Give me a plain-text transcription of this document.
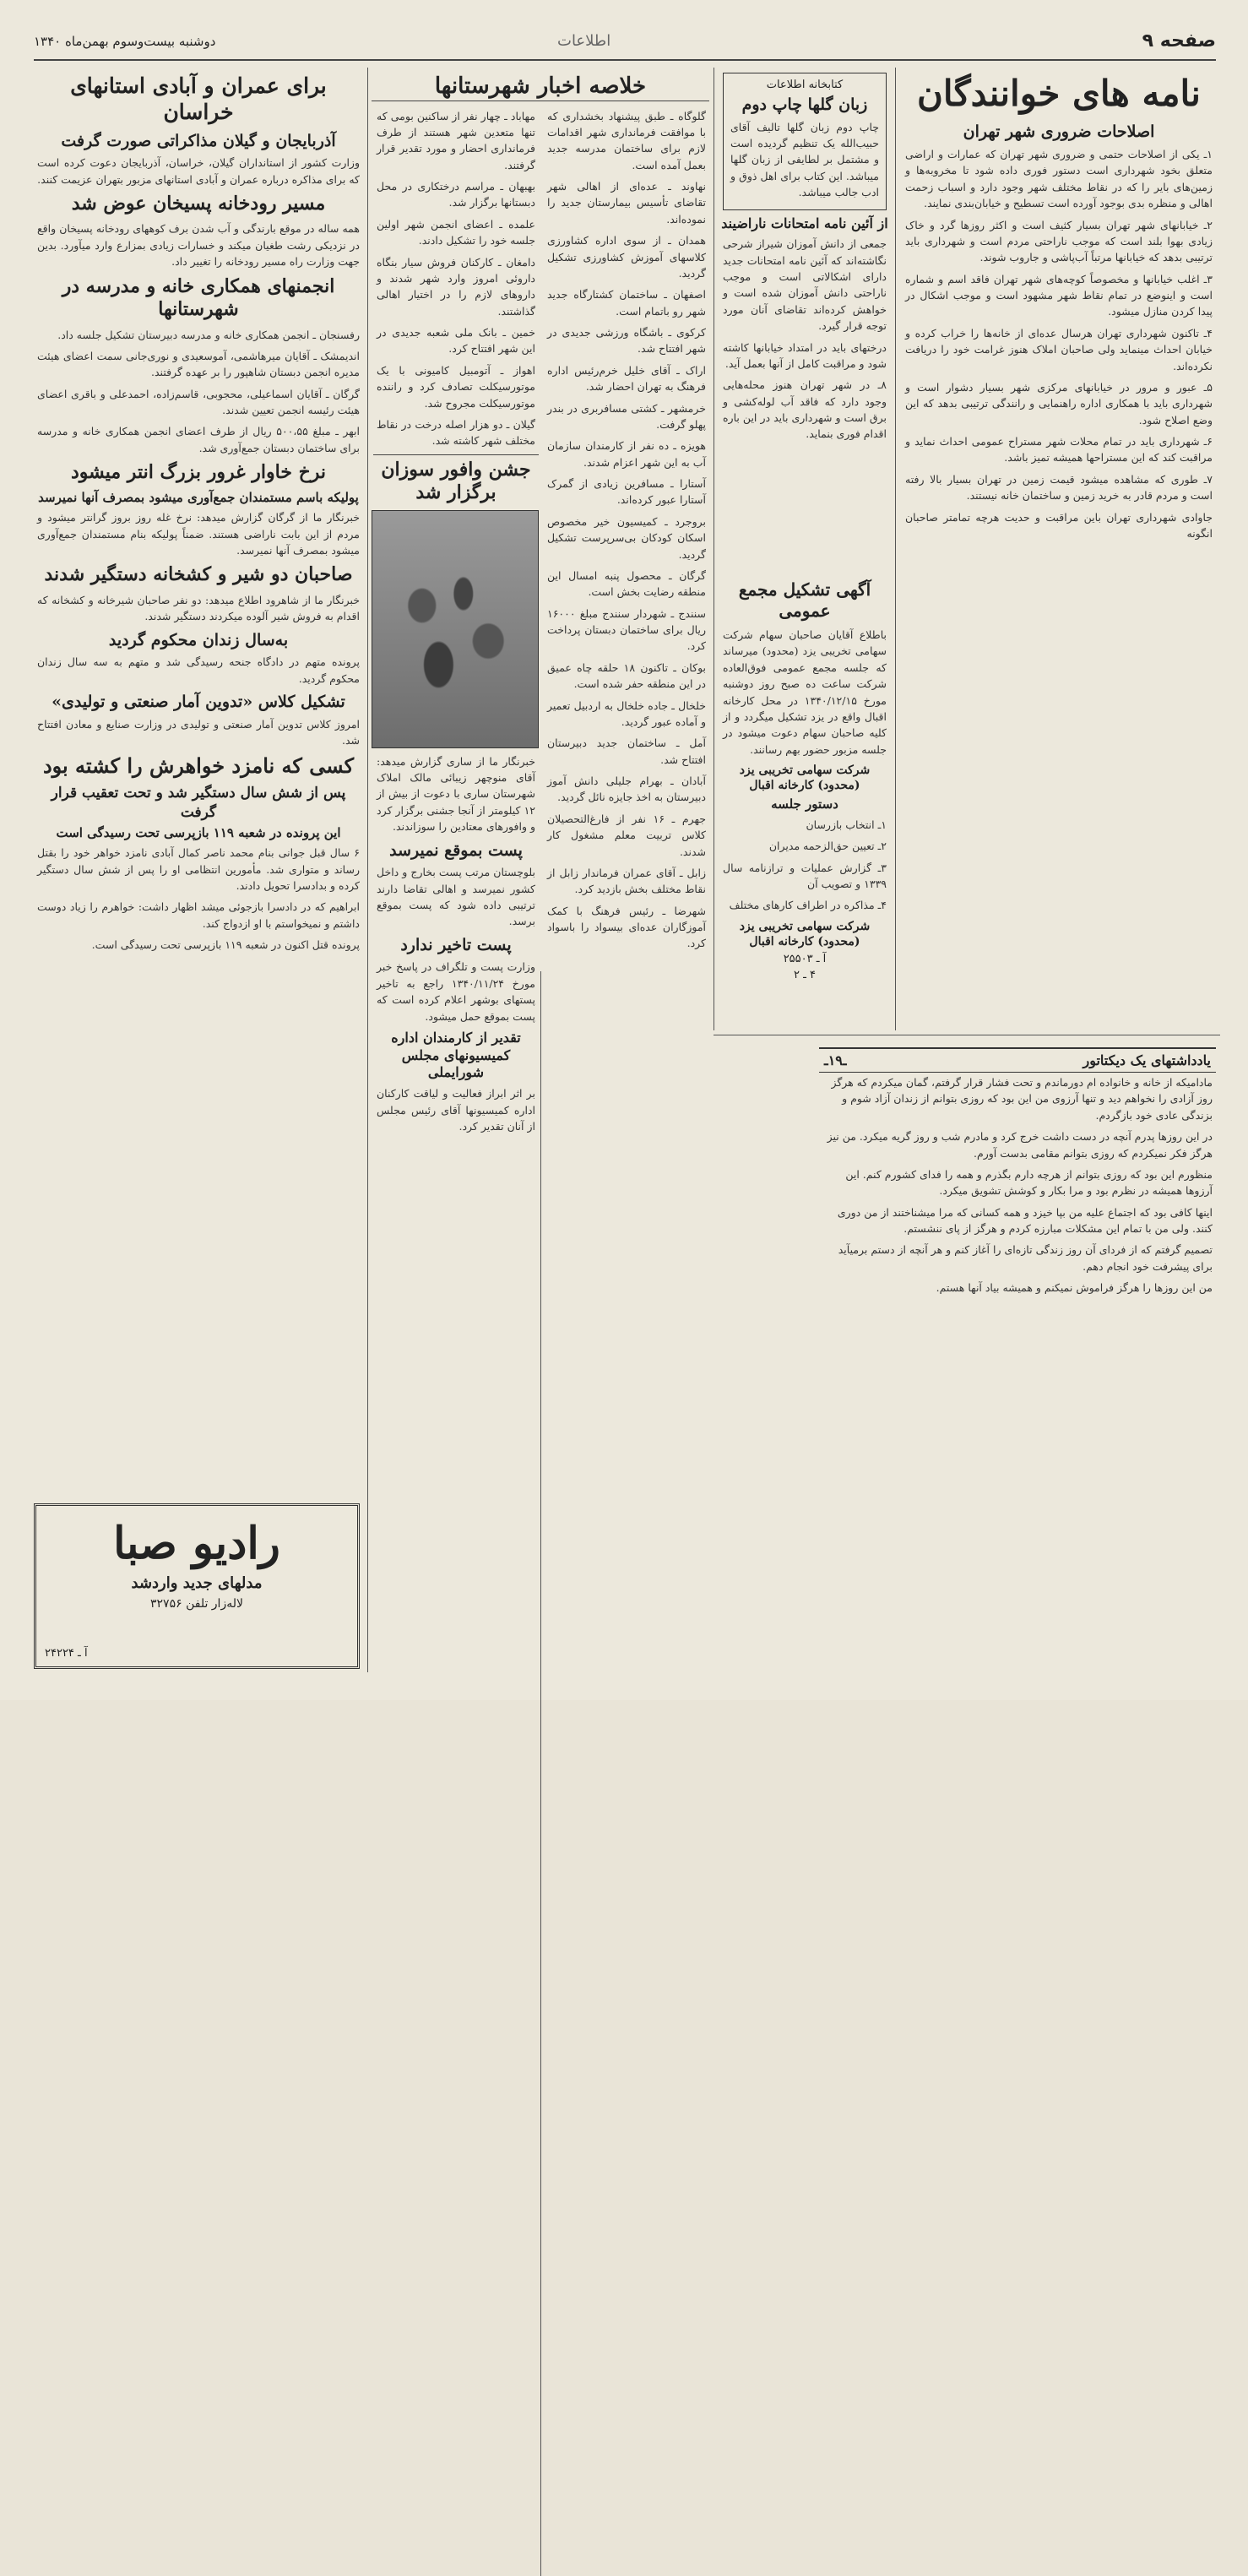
صفحه ۹
اطلاعات
دوشنبه بیست‌وسوم بهمن‌ماه ۱۳۴۰
نامه های خوانندگان
اصلاحات ضروری شهر تهران

۱ـ یکی از اصلاحات حتمی و ضروری شهر تهران که عمارات و اراضی متعلق بخود شهرداری است دستور فوری داده شود تا مخروبه‌ها و زمین‌های بایر را که در نقاط مختلف شهر وجود دارد و اسباب زحمت اهالی و منظره بدی بوجود آورده است تسطیح و خیابان‌بندی نمایند.

۲ـ خیابانهای شهر تهران بسیار کثیف است و اکثر روزها گرد و خاک زیادی بهوا بلند است که موجب ناراحتی مردم است و شهرداری باید ترتیبی بدهد که خیابانها مرتباً آب‌پاشی و جاروب شوند.

۳ـ اغلب خیابانها و مخصوصاً کوچه‌های شهر تهران فاقد اسم و شماره است و اینوضع در تمام نقاط شهر مشهود است و موجب اشکال در پیدا کردن منازل میشود.

۴ـ تاکنون شهرداری تهران هرسال عده‌ای از خانه‌ها را خراب کرده و خیابان احداث مینماید ولی صاحبان املاک هنوز غرامت خود را دریافت نکرده‌اند.

۵ـ عبور و مرور در خیابانهای مرکزی شهر بسیار دشوار است و شهرداری باید با همکاری اداره راهنمایی و رانندگی ترتیبی بدهد که این وضع اصلاح شود.

۶ـ شهرداری باید در تمام محلات شهر مستراح عمومی احداث نماید و مراقبت کند که این مستراحها همیشه تمیز باشد.

۷ـ طوری که مشاهده میشود قیمت زمین در تهران بسیار بالا رفته است و مردم قادر به خرید زمین و ساختمان خانه نیستند.

جاوادی شهرداری تهران باین مراقبت و حدیت هرچه تمامتر صاحبان انگونه

کتابخانه اطلاعات
زبان گلها چاپ دوم

چاپ دوم زبان گلها تالیف آقای حبیب‌الله یک تنظیم گردیده است و مشتمل بر لطایفی از زبان گلها میباشد. این کتاب برای اهل ذوق و ادب جالب میباشد.

از آئین نامه امتحانات ناراضیند

جمعی از دانش آموزان شیراز شرحی نگاشته‌اند که آئین نامه امتحانات جدید دارای اشکالاتی است و موجب ناراحتی دانش آموزان شده است و خواهش کرده‌اند تقاضای آنان مورد توجه قرار گیرد.

درختهای باید در امتداد خیابانها کاشته شود و مراقبت کامل از آنها بعمل آید.

۸ـ در شهر تهران هنوز محله‌هایی وجود دارد که فاقد آب لوله‌کشی و برق است و شهرداری باید در این باره اقدام فوری بنماید.

آگهی تشکیل مجمع عمومی

باطلاع آقایان صاحبان سهام شرکت سهامی تخریبی یزد (محدود) میرساند که جلسه مجمع عمومی فوق‌العاده شرکت ساعت ده صبح روز دوشنبه مورخ ۱۳۴۰/۱۲/۱۵ در محل کارخانه اقبال واقع در یزد تشکیل میگردد و از کلیه صاحبان سهام دعوت میشود در جلسه مزبور حضور بهم رسانند.

شرکت سهامی تخریبی یزد (محدود) کارخانه اقبال
دستور جلسه

۱ـ انتخاب بازرسان

۲ـ تعیین حق‌الزحمه مدیران

۳ـ گزارش عملیات و ترازنامه سال ۱۳۳۹ و تصویب آن

۴ـ مذاکره در اطراف کارهای مختلف

شرکت سهامی تخریبی یزد (محدود) کارخانه اقبال
آ ـ ۲۵۵۰۳
۴ ـ ۲
خلاصه اخبار شهرستانها

گلوگاه ـ طبق پیشنهاد بخشداری که با موافقت فرمانداری شهر اقدامات لازم برای ساختمان مدرسه جدید بعمل آمده است.

نهاوند ـ عده‌ای از اهالی شهر تقاضای تأسیس بیمارستان جدید را نموده‌اند.

همدان ـ از سوی اداره کشاورزی کلاسهای آموزش کشاورزی تشکیل گردید.

اصفهان ـ ساختمان کشتارگاه جدید شهر رو باتمام است.

کرکوی ـ باشگاه ورزشی جدیدی در شهر افتتاح شد.

اراک ـ آقای خلیل خرم‌رئیس اداره فرهنگ به تهران احضار شد.

خرمشهر ـ کشتی مسافربری در بندر پهلو گرفت.

هویزه ـ ده نفر از کارمندان سازمان آب به این شهر اعزام شدند.

آستارا ـ مسافرین زیادی از گمرک آستارا عبور کرده‌اند.

بروجرد ـ کمیسیون خیر مخصوص اسکان کودکان بی‌سرپرست تشکیل گردید.

گرگان ـ محصول پنبه امسال این منطقه رضایت بخش است.

سنندج ـ شهردار سنندج مبلغ ۱۶۰۰۰ ریال برای ساختمان دبستان پرداخت کرد.

بوکان ـ تاکنون ۱۸ حلقه چاه عمیق در این منطقه حفر شده است.

خلخال ـ جاده خلخال به اردبیل تعمیر و آماده عبور گردید.

آمل ـ ساختمان جدید دبیرستان افتتاح شد.

آبادان ـ بهرام جلیلی دانش آموز دبیرستان به اخذ جایزه نائل گردید.

جهرم ـ ۱۶ نفر از فارغ‌التحصیلان کلاس تربیت معلم مشغول کار شدند.

زابل ـ آقای عمران فرماندار زابل از نقاط مختلف بخش بازدید کرد.

شهرضا ـ رئیس فرهنگ با کمک آموزگاران عده‌ای بیسواد را باسواد کرد.

مهاباد ـ چهار نفر از ساکنین بومی که تنها متعدین شهر هستند از طرف فرمانداری احضار و مورد تقدیر قرار گرفتند.

بهبهان ـ مراسم درختکاری در محل دبستانها برگزار شد.

علمده ـ اعضای انجمن شهر اولین جلسه خود را تشکیل دادند.

دامغان ـ کارکنان فروش سیار بنگاه داروئی امروز وارد شهر شدند و داروهای لازم را در اختیار اهالی گذاشتند.

خمین ـ بانک ملی شعبه جدیدی در این شهر افتتاح کرد.

اهواز ـ آتومبیل کامیونی با یک موتورسیکلت تصادف کرد و راننده موتورسیکلت مجروح شد.

گیلان ـ دو هزار اصله درخت در نقاط مختلف شهر کاشته شد.

جشن وافور سوزان برگزار شد

خبرنگار ما از ساری گزارش میدهد: آقای منوچهر زیبائی مالک املاک شهرستان ساری با دعوت از بیش از ۱۲ کیلومتر از آنجا جشنی برگزار کرد و وافورهای معتادین را سوزاندند.

پست بموقع نمیرسد

بلوچستان مرتب پست بخارج و داخل کشور نمیرسد و اهالی تقاضا دارند ترتیبی داده شود که پست بموقع برسد.

پست تاخیر ندارد

وزارت پست و تلگراف در پاسخ خبر مورخ ۱۳۴۰/۱۱/۲۴ راجع به تاخیر پستهای بوشهر اعلام کرده است که پست بموقع حمل میشود.

تقدیر از کارمندان اداره کمیسیونهای مجلس شورایملی

بر اثر ابراز فعالیت و لیاقت کارکنان اداره کمیسیونها آقای رئیس مجلس از آنان تقدیر کرد.

برای عمران و آبادی استانهای خراسان
آذربایجان و گیلان مذاکراتی صورت گرفت

وزارت کشور از استانداران گیلان، خراسان، آذربایجان دعوت کرده است که برای مذاکره درباره عمران و آبادی استانهای مزبور بتهران عزیمت کنند.

مسیر رودخانه پسیخان عوض شد

همه ساله در موقع بارندگی و آب شدن برف کوههای رودخانه پسیخان واقع در نزدیکی رشت طغیان میکند و خسارات زیادی بمزارع وارد میآورد. بدین جهت وزارت راه مسیر رودخانه را تغییر داد.

انجمنهای همکاری خانه و مدرسه در شهرستانها

رفسنجان ـ انجمن همکاری خانه و مدرسه دبیرستان تشکیل جلسه داد.

اندیمشک ـ آقایان میرهاشمی، آموسعیدی و نوری‌جانی سمت اعضای هیئت مدیره انجمن دبستان شاهپور را بر عهده گرفتند.

گرگان ـ آقایان اسماعیلی، محجوبی، قاسم‌زاده، احمدعلی و باقری اعضای هیئت رئیسه انجمن تعیین شدند.

ابهر ـ مبلغ ۵۰۰،۵۵ ریال از طرف اعضای انجمن همکاری خانه و مدرسه برای ساختمان دبستان جمع‌آوری شد.

نرخ خاوار غرور بزرگ انتر میشود
پولیکه باسم مستمندان جمع‌آوری میشود بمصرف آنها نمیرسد

خبرنگار ما از گرگان گزارش میدهد: نرخ غله روز بروز گرانتر میشود و مردم از این بابت ناراضی هستند. ضمناً پولیکه بنام مستمندان جمع‌آوری میشود بمصرف آنها نمیرسد.

صاحبان دو شیر و کشخانه دستگیر شدند

خبرنگار ما از شاهرود اطلاع میدهد: دو نفر صاحبان شیرخانه و کشخانه که اقدام به فروش شیر آلوده میکردند دستگیر شدند.

به‌سال زندان محکوم گردید

پرونده متهم در دادگاه جنحه رسیدگی شد و متهم به سه سال زندان محکوم گردید.

تشکیل کلاس «تدوین آمار صنعتی و تولیدی»

امروز کلاس تدوین آمار صنعتی و تولیدی در وزارت صنایع و معادن افتتاح شد.

کسی که نامزد خواهرش را کشته بود
پس از شش سال دستگیر شد و تحت تعقیب قرار گرفت
این پرونده در شعبه ۱۱۹ بازپرسی تحت رسیدگی است

۶ سال قبل جوانی بنام محمد ناصر کمال آبادی نامزد خواهر خود را بقتل رساند و متواری شد. مأمورین انتظامی او را پس از شش سال دستگیر کرده و بدادسرا تحویل دادند.

ابراهیم که در دادسرا بازجوئی میشد اظهار داشت: خواهرم را زیاد دوست داشتم و نمیخواستم با او ازدواج کند.

پرونده قتل اکنون در شعبه ۱۱۹ بازپرسی تحت رسیدگی است.

رادیو صبا
مدلهای جدید واردشد
لاله‌زار تلفن ۳۲۷۵۶
آ ـ ۲۴۲۲۴
یادداشتهای یک دیکتاتور
ـ۱۹ـ

مادامیکه از خانه و خانواده ام دورماندم و تحت فشار قرار گرفتم، گمان میکردم که هرگز روز آزادی را نخواهم دید و تنها آرزوی من این بود که روزی بتوانم از زندان آزاد شوم و بزندگی عادی خود بازگردم.

در این روزها پدرم آنچه در دست داشت خرج کرد و مادرم شب و روز گریه میکرد. من نیز هرگز فکر نمیکردم که روزی بتوانم مقامی بدست آورم.

منظورم این بود که روزی بتوانم از هرچه دارم بگذرم و همه را فدای کشورم کنم. این آرزوها همیشه در نظرم بود و مرا بکار و کوشش تشویق میکرد.

اینها کافی بود که اجتماع علیه من بپا خیزد و همه کسانی که مرا میشناختند از من دوری کنند. ولی من با تمام این مشکلات مبارزه کردم و هرگز از پای ننشستم.

تصمیم گرفتم که از فردای آن روز زندگی تازه‌ای را آغاز کنم و هر آنچه از دستم برمیآید برای پیشرفت خود انجام دهم.

من این روزها را هرگز فراموش نمیکنم و همیشه بیاد آنها هستم.
